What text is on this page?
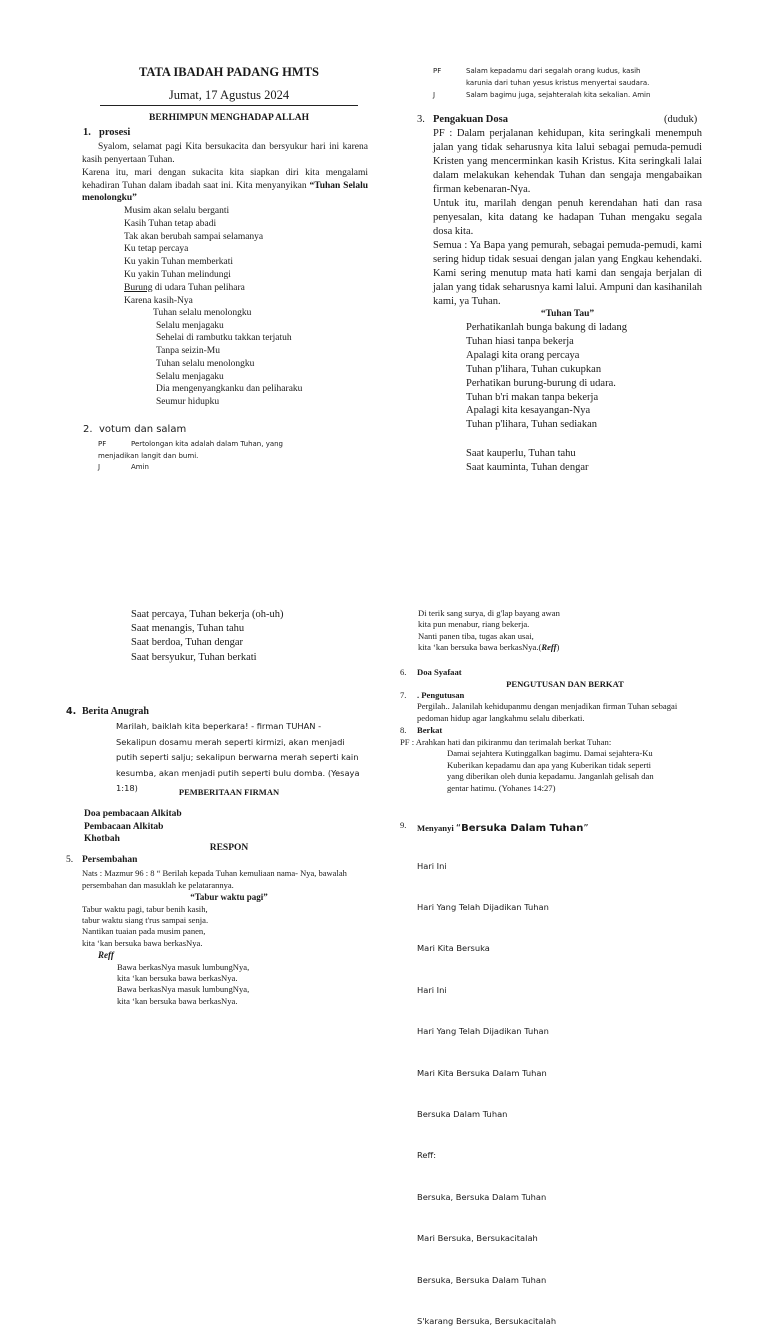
TATA IBADAH PADANG HMTS
Jumat, 17 Agustus 2024
BERHIMPUN MENGHADAP ALLAH
1. prosesi
Syalom, selamat pagi Kita bersukacita dan bersyukur hari ini karena kasih penyertaan Tuhan.
Karena itu, mari dengan sukacita kita siapkan diri kita mengalami kehadiran Tuhan dalam ibadah saat ini. Kita menyanyikan “Tuhan Selalu menolongku”
Musim akan selalu berganti
Kasih Tuhan tetap abadi
Tak akan berubah sampai selamanya
Ku tetap percaya
Ku yakin Tuhan memberkati
Ku yakin Tuhan melindungi
Burung di udara Tuhan pelihara
Karena kasih-Nya
Tuhan selalu menolongku
Selalu menjagaku
Sehelai di rambutku takkan terjatuh
Tanpa seizin-Mu
Tuhan selalu menolongku
Selalu menjagaku
Dia mengenyangkanku dan peliharaku
Seumur hidupku
2. votum dan salam
PF	Pertolongan kita adalah dalam Tuhan, yang
menjadikan langit dan bumi.
J	Amin
PF	Salam kepadamu dari segalah orang kudus, kasih
karunia dari tuhan yesus kristus menyertai saudara.
J	Salam bagimu juga, sejahteralah kita sekalian. Amin
3. Pengakuan Dosa	(duduk)
PF : Dalam perjalanan kehidupan, kita seringkali menempuh jalan yang tidak seharusnya kita lalui sebagai pemuda-pemudi Kristen yang mencerminkan kasih Kristus. Kita seringkali lalai dalam melakukan kehendak Tuhan dan sengaja mengabaikan firman kebenaran-Nya.
Untuk itu, marilah dengan penuh kerendahan hati dan rasa penyesalan, kita datang ke hadapan Tuhan mengaku segala dosa kita.
Semua : Ya Bapa yang pemurah, sebagai pemuda-pemudi, kami sering hidup tidak sesuai dengan jalan yang Engkau kehendaki. Kami sering menutup mata hati kami dan sengaja berjalan di jalan yang tidak seharusnya kami lalui. Ampuni dan kasihanilah kami, ya Tuhan.
“Tuhan Tau”
Perhatikanlah bunga bakung di ladang
Tuhan hiasi tanpa bekerja
Apalagi kita orang percaya
Tuhan p'lihara, Tuhan cukupkan
Perhatikan burung-burung di udara.
Tuhan b'ri makan tanpa bekerja
Apalagi kita kesayangan-Nya
Tuhan p'lihara, Tuhan sediakan
Saat kauperlu, Tuhan tahu
Saat kauminta, Tuhan dengar
Saat percaya, Tuhan bekerja (oh-uh)
Saat menangis, Tuhan tahu
Saat berdoa, Tuhan dengar
Saat bersyukur, Tuhan berkati
4. Berita Anugrah
Marilah, baiklah kita beperkara! - firman TUHAN - Sekalipun dosamu merah seperti kirmizi, akan menjadi putih seperti salju; sekalipun berwarna merah seperti kain kesumba, akan menjadi putih seperti bulu domba. (Yesaya 1:18)	PEMBERITAAN FIRMAN
Doa pembacaan Alkitab
Pembacaan Alkitab
Khotbah
RESPON
5. Persembahan
Nats : Mazmur 96 : 8 “ Berilah kepada Tuhan kemuliaan nama- Nya, bawalah persembahan dan masuklah ke pelatarannya.
“Tabur waktu pagi”
Tabur waktu pagi, tabur benih kasih,
tabur waktu siang t'rus sampai senja.
Nantikan tuaian pada musim panen,
kita ‘kan bersuka bawa berkasNya.
Reff
Bawa berkasNya masuk lumbungNya,
kita ‘kan bersuka bawa berkasNya.
Bawa berkasNya masuk lumbungNya,
kita ‘kan bersuka bawa berkasNya.
Di terik sang surya, di g'lap bayang awan
kita pun menabur, riang bekerja.
Nanti panen tiba, tugas akan usai,
kita ‘kan bersuka bawa berkasNya.(Reff)
6. Doa Syafaat
PENGUTUSAN DAN BERKAT
7. . Pengutusan
Pergilah.. Jalanilah kehidupanmu dengan menjadikan firman Tuhan sebagai pedoman hidup agar langkahmu selalu diberkati.
8. Berkat
PF : Arahkan hati dan pikiranmu dan terimalah berkat Tuhan:
Damai sejahtera Kutinggalkan bagimu. Damai sejahtera-Ku
Kuberikan kepadamu dan apa yang Kuberikan tidak seperti
yang diberikan oleh dunia kepadamu. Janganlah gelisah dan
gentar hatimu. (Yohanes 14:27)
9. Menyanyi “Bersuka Dalam Tuhan”

Hari Ini

Hari Yang Telah Dijadikan Tuhan

Mari Kita Bersuka

Hari Ini

Hari Yang Telah Dijadikan Tuhan

Mari Kita Bersuka Dalam Tuhan

Bersuka Dalam Tuhan

Reff:

Bersuka, Bersuka Dalam Tuhan

Mari Bersuka, Bersukacitalah

Bersuka, Bersuka Dalam Tuhan

S'karang Bersuka, Bersukacitalah
